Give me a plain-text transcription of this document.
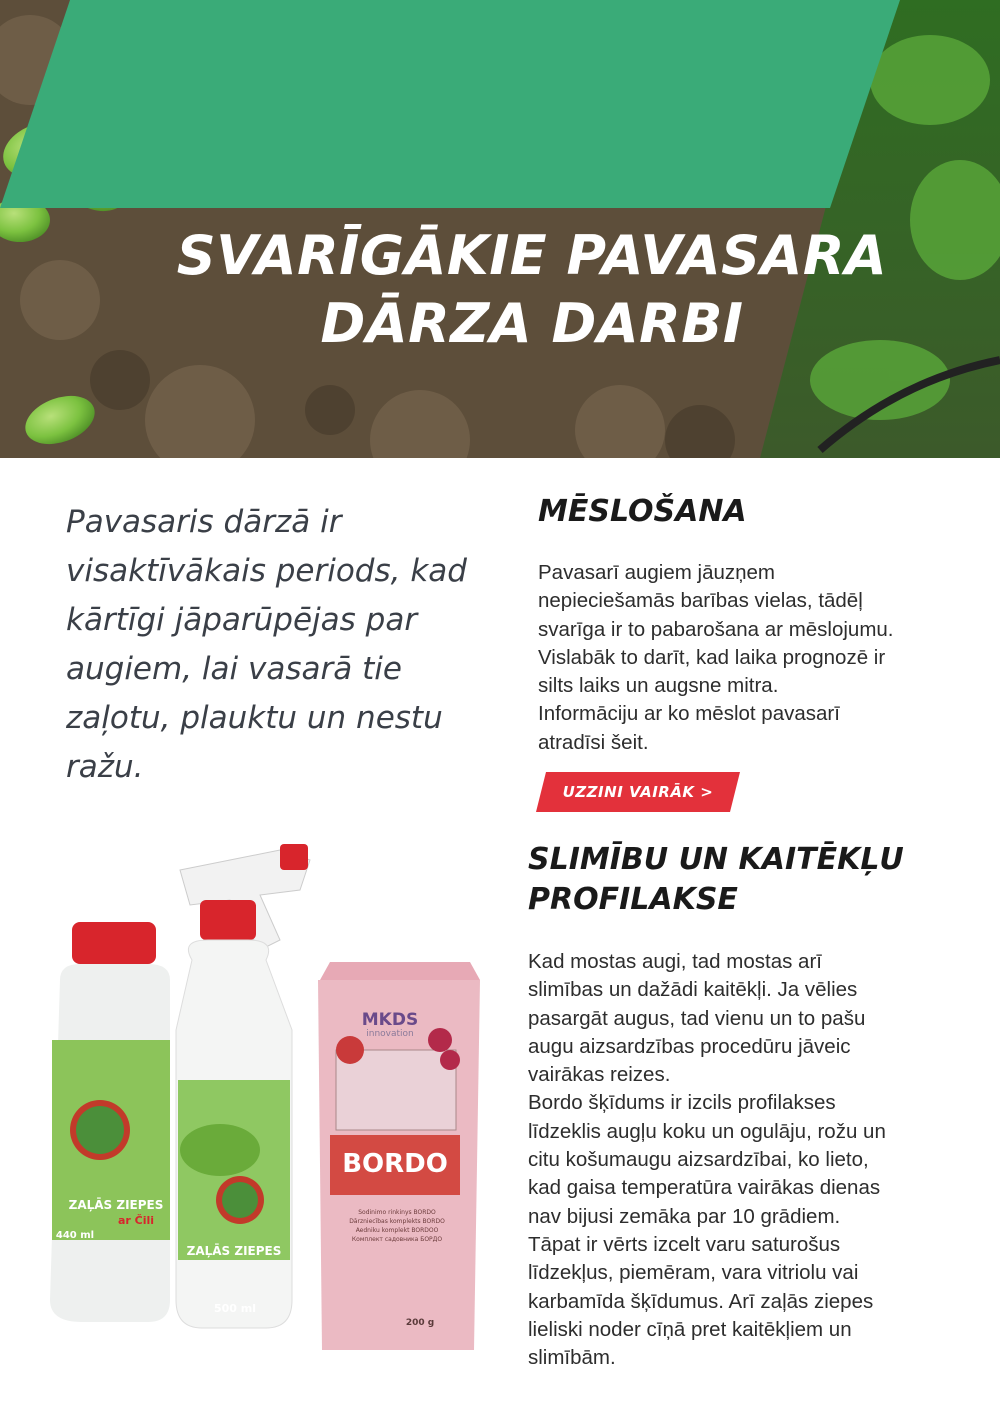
SVARĪGĀKIE PAVASARA
DĀRZA DARBI
Pavasaris dārzā ir visaktīvākais periods, kad kārtīgi jāparūpējas par augiem, lai vasarā tie zaļotu, plauktu un nestu ražu.
MĒSLOŠANA
Pavasarī augiem jāuzņem
nepieciešamās barības vielas, tādēļ
svarīga ir to pabarošana ar mēslojumu.
Vislabāk to darīt, kad laika prognozē ir
silts laiks un augsne mitra.
Informāciju ar ko mēslot pavasarī
atradīsi šeit.
UZZINI VAIRĀK >
SLIMĪBU UN KAITĒKĻU
PROFILAKSE
Kad mostas augi, tad mostas arī
slimības un dažādi kaitēkļi. Ja vēlies
pasargāt augus, tad vienu un to pašu
augu aizsardzības procedūru jāveic
vairākas reizes.
Bordo šķīdums ir izcils profilakses
līdzeklis augļu koku un ogulāju, rožu un
citu košumaugu aizsardzībai, ko lieto,
kad gaisa temperatūra vairākas dienas
nav bijusi zemāka par 10 grādiem.
Tāpat ir vērts izcelt varu saturošus
līdzekļus, piemēram, vara vitriolu vai
karbamīda šķīdumus. Arī zaļās ziepes
lieliski noder cīņā pret kaitēkļiem un
slimībām.
ZAĻĀS ZIEPES
ar Čili
440 ml
ZAĻĀS ZIEPES
500 ml
MKDS
innovation
BORDO
Sodinimo rinkinys BORDO
Dārzniecības komplekts BORDO
Aedniku komplekt BORDOO
Комплект садовника БОРДО
200 g
